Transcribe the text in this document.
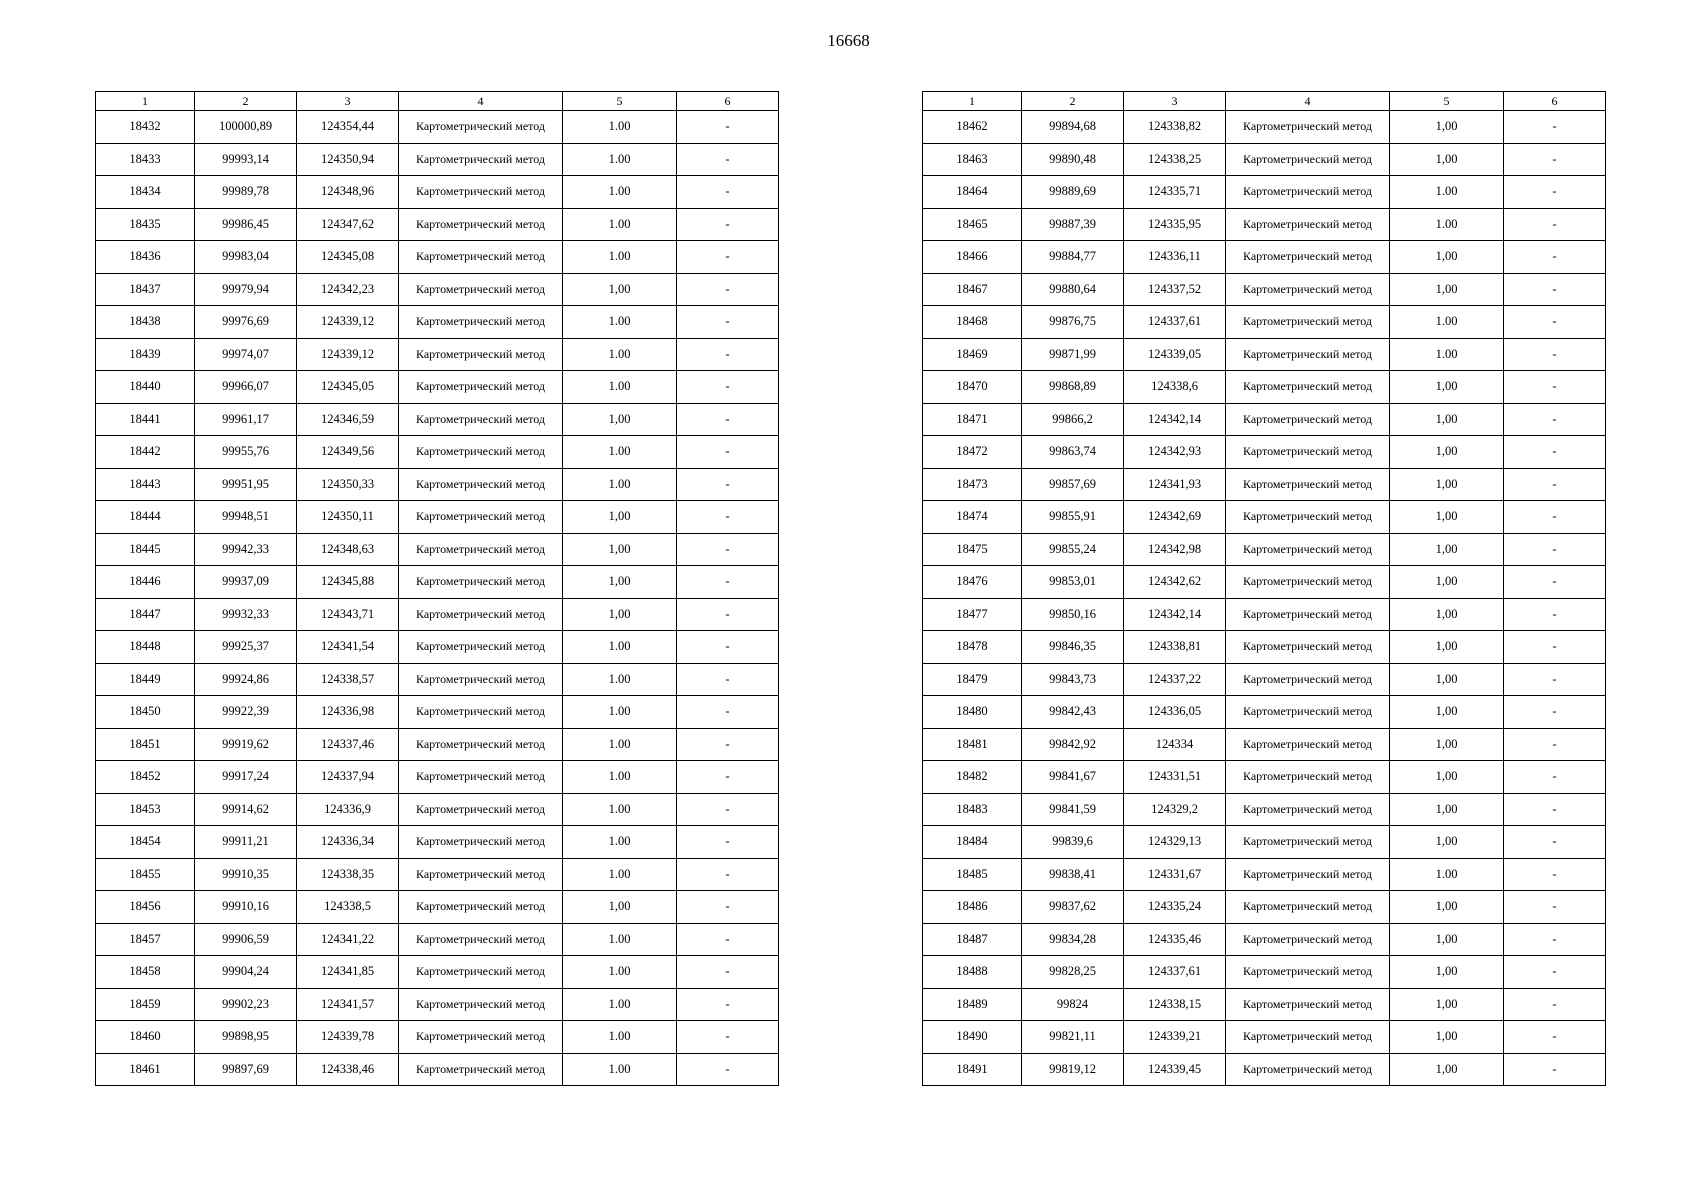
16668
1	2	3	4	5	6
18432	100000,89	124354,44	Картометрический метод	1.00	-
18433	99993,14	124350,94	Картометрический метод	1.00	-
18434	99989,78	124348,96	Картометрический метод	1.00	-
18435	99986,45	124347,62	Картометрический метод	1.00	-
18436	99983,04	124345,08	Картометрический метод	1.00	-
18437	99979,94	124342,23	Картометрический метод	1,00	-
18438	99976,69	124339,12	Картометрический метод	1.00	-
18439	99974,07	124339,12	Картометрический метод	1.00	-
18440	99966,07	124345,05	Картометрический метод	1.00	-
18441	99961,17	124346,59	Картометрический метод	1,00	-
18442	99955,76	124349,56	Картометрический метод	1.00	-
18443	99951,95	124350,33	Картометрический метод	1.00	-
18444	99948,51	124350,11	Картометрический метод	1,00	-
18445	99942,33	124348,63	Картометрический метод	1,00	-
18446	99937,09	124345,88	Картометрический метод	1,00	-
18447	99932,33	124343,71	Картометрический метод	1,00	-
18448	99925,37	124341,54	Картометрический метод	1.00	-
18449	99924,86	124338,57	Картометрический метод	1.00	-
18450	99922,39	124336,98	Картометрический метод	1.00	-
18451	99919,62	124337,46	Картометрический метод	1.00	-
18452	99917,24	124337,94	Картометрический метод	1.00	-
18453	99914,62	124336,9	Картометрический метод	1.00	-
18454	99911,21	124336,34	Картометрический метод	1.00	-
18455	99910,35	124338,35	Картометрический метод	1.00	-
18456	99910,16	124338,5	Картометрический метод	1,00	-
18457	99906,59	124341,22	Картометрический метод	1.00	-
18458	99904,24	124341,85	Картометрический метод	1.00	-
18459	99902,23	124341,57	Картометрический метод	1.00	-
18460	99898,95	124339,78	Картометрический метод	1.00	-
18461	99897,69	124338,46	Картометрический метод	1.00	-
1	2	3	4	5	6
18462	99894,68	124338,82	Картометрический метод	1,00	-
18463	99890,48	124338,25	Картометрический метод	1,00	-
18464	99889,69	124335,71	Картометрический метод	1.00	-
18465	99887,39	124335,95	Картометрический метод	1.00	-
18466	99884,77	124336,11	Картометрический метод	1,00	-
18467	99880,64	124337,52	Картометрический метод	1,00	-
18468	99876,75	124337,61	Картометрический метод	1.00	-
18469	99871,99	124339,05	Картометрический метод	1.00	-
18470	99868,89	124338,6	Картометрический метод	1,00	-
18471	99866,2	124342,14	Картометрический метод	1,00	-
18472	99863,74	124342,93	Картометрический метод	1,00	-
18473	99857,69	124341,93	Картометрический метод	1,00	-
18474	99855,91	124342,69	Картометрический метод	1,00	-
18475	99855,24	124342,98	Картометрический метод	1,00	-
18476	99853,01	124342,62	Картометрический метод	1,00	-
18477	99850,16	124342,14	Картометрический метод	1,00	-
18478	99846,35	124338,81	Картометрический метод	1,00	-
18479	99843,73	124337,22	Картометрический метод	1,00	-
18480	99842,43	124336,05	Картометрический метод	1,00	-
18481	99842,92	124334	Картометрический метод	1,00	-
18482	99841,67	124331,51	Картометрический метод	1,00	-
18483	99841,59	124329,2	Картометрический метод	1,00	-
18484	99839,6	124329,13	Картометрический метод	1,00	-
18485	99838,41	124331,67	Картометрический метод	1.00	-
18486	99837,62	124335,24	Картометрический метод	1,00	-
18487	99834,28	124335,46	Картометрический метод	1,00	-
18488	99828,25	124337,61	Картометрический метод	1,00	-
18489	99824	124338,15	Картометрический метод	1,00	-
18490	99821,11	124339,21	Картометрический метод	1,00	-
18491	99819,12	124339,45	Картометрический метод	1,00	-
